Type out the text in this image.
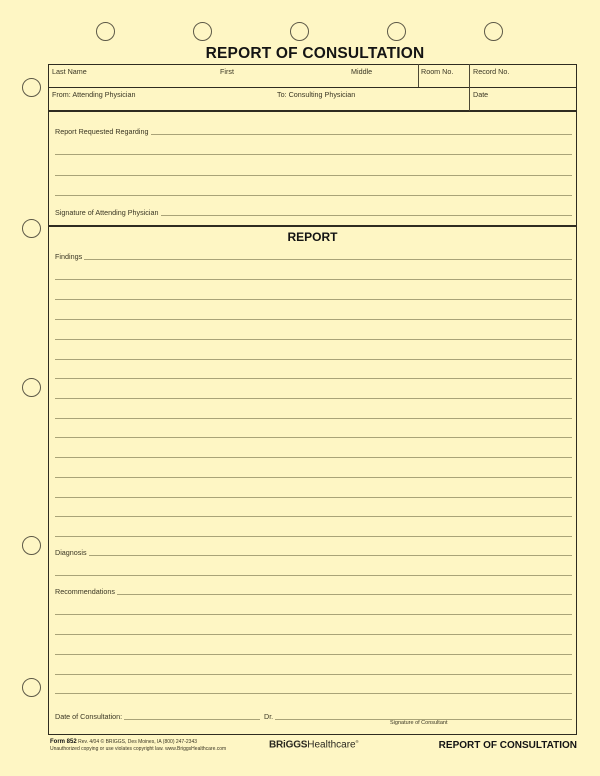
REPORT OF CONSULTATION
Last Name	First	Middle	Room No.	Record No.
From: Attending Physician	To: Consulting Physician	Date
Report Requested Regarding
Signature of Attending Physician
REPORT
Findings
Diagnosis
Recommendations
Date of Consultation:	Dr.
Signature of Consultant
Form 852 Rev. 4/04 © BRIGGS, Des Moines, IA (800) 247-2343
Unauthorized copying or use violates copyright law. www.BriggsHealthcare.com	BRiGGSHealthcare®	REPORT OF CONSULTATION
